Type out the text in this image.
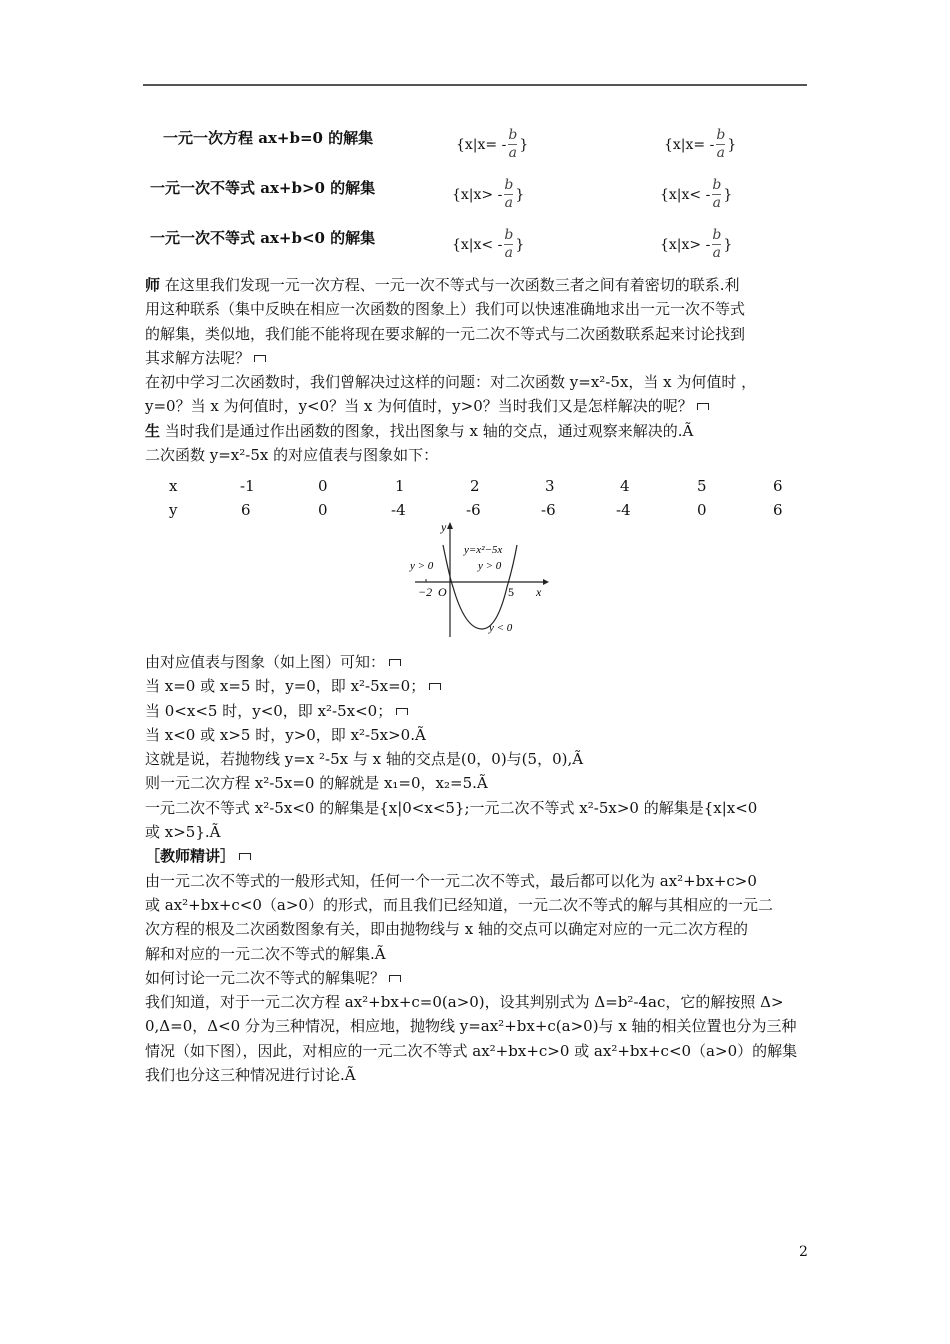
一元一次方程 ax+b=0 的解集	{$x|x= - \frac{b}{a}$ }	{$x|x= - \frac{b}{a}$ }
一元一次不等式 ax+b>0 的解集	{$x|x> - \frac{b}{a}$ }	{$x|x< - \frac{b}{a}$ }
一元一次不等式 ax+b<0 的解集	{$x|x< - \frac{b}{a}$ }	{$x|x> - \frac{b}{a}$ }
师 在这里我们发现一元一次方程、一元一次不等式与一次函数三者之间有着密切的联系.利
用这种联系（集中反映在相应一次函数的图象上）我们可以快速准确地求出一元一次不等式
的解集，类似地，我们能不能将现在要求解的一元二次不等式与二次函数联系起来讨论找到
其求解方法呢？
在初中学习二次函数时，我们曾解决过这样的问题：对二次函数 y=x²-5x，当 x 为何值时 ，
y=0？当 x 为何值时，y<0？当 x 为何值时，y>0？当时我们又是怎样解决的呢？
生 当时我们是通过作出函数的图象，找出图象与 x 轴的交点，通过观察来解决的.Ã
二次函数 y=x²-5x 的对应值表与图象如下：
x	-1	0	1	2	3	4	5	6
y	6	0	-4	-6	-6	-4	0	6
−2 O	5 x
y
y=x²−5x
y > 0	y > 0
y < 0
由对应值表与图象（如上图）可知：
当 x=0 或 x=5 时，y=0，即 x²-5x=0；
当 0<x<5 时，y<0，即 x²-5x<0；
当 x<0 或 x>5 时，y>0，即 x²-5x>0.Ã
这就是说，若抛物线 y=x ²-5x 与 x 轴的交点是(0，0)与(5，0),Ã
则一元二次方程 x²-5x=0 的解就是 x₁=0，x₂=5.Ã
一元二次不等式 x²-5x<0 的解集是{x|0<x<5};一元二次不等式 x²-5x>0 的解集是{x|x<0
或 x>5}.Ã
［教师精讲］
由一元二次不等式的一般形式知，任何一个一元二次不等式，最后都可以化为 ax²+bx+c>0
或 ax²+bx+c<0（a>0）的形式，而且我们已经知道，一元二次不等式的解与其相应的一元二
次方程的根及二次函数图象有关，即由抛物线与 x 轴的交点可以确定对应的一元二次方程的
解和对应的一元二次不等式的解集.Ã
如何讨论一元二次不等式的解集呢？
我们知道，对于一元二次方程 ax²+bx+c=0(a>0)，设其判别式为 Δ=b²-4ac，它的解按照 Δ>
0,Δ=0，Δ<0 分为三种情况，相应地，抛物线 y=ax²+bx+c(a>0)与 x 轴的相关位置也分为三种
情况（如下图），因此，对相应的一元二次不等式 ax²+bx+c>0 或 ax²+bx+c<0（a>0）的解集
我们也分这三种情况进行讨论.Ã
2
